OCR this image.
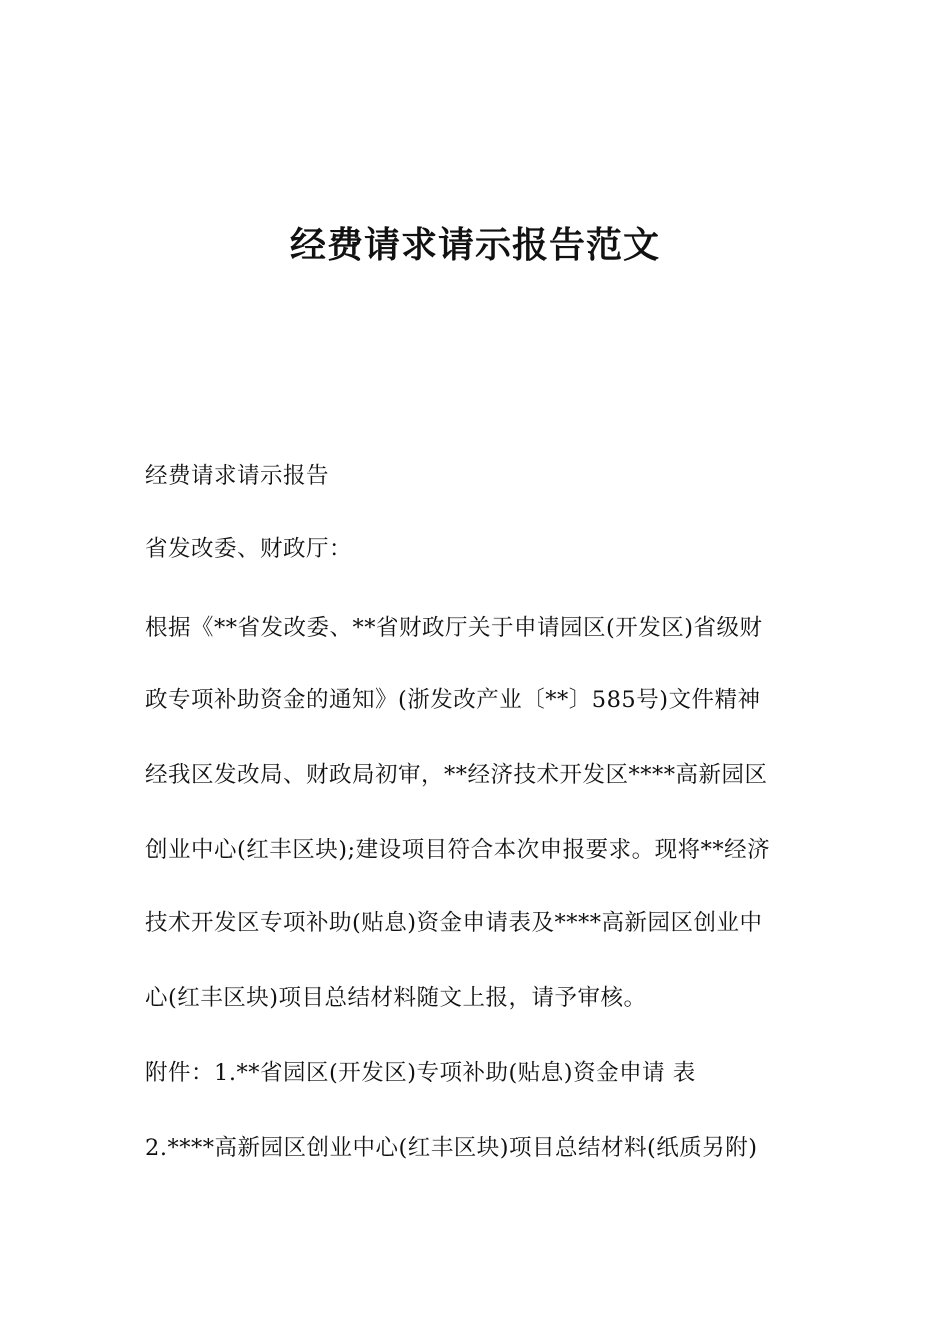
经费请求请示报告范文

经费请求请示报告

省发改委、财政厅：

根据《**省发改委、**省财政厅关于申请园区(开发区)省级财

政专项补助资金的通知》(浙发改产业〔**〕585号)文件精神

经我区发改局、财政局初审，**经济技术开发区****高新园区

创业中心(红丰区块);建设项目符合本次申报要求。现将**经济

技术开发区专项补助(贴息)资金申请表及****高新园区创业中

心(红丰区块)项目总结材料随文上报，请予审核。

附件：1.**省园区(开发区)专项补助(贴息)资金申请 表

2.****高新园区创业中心(红丰区块)项目总结材料(纸质另附)
